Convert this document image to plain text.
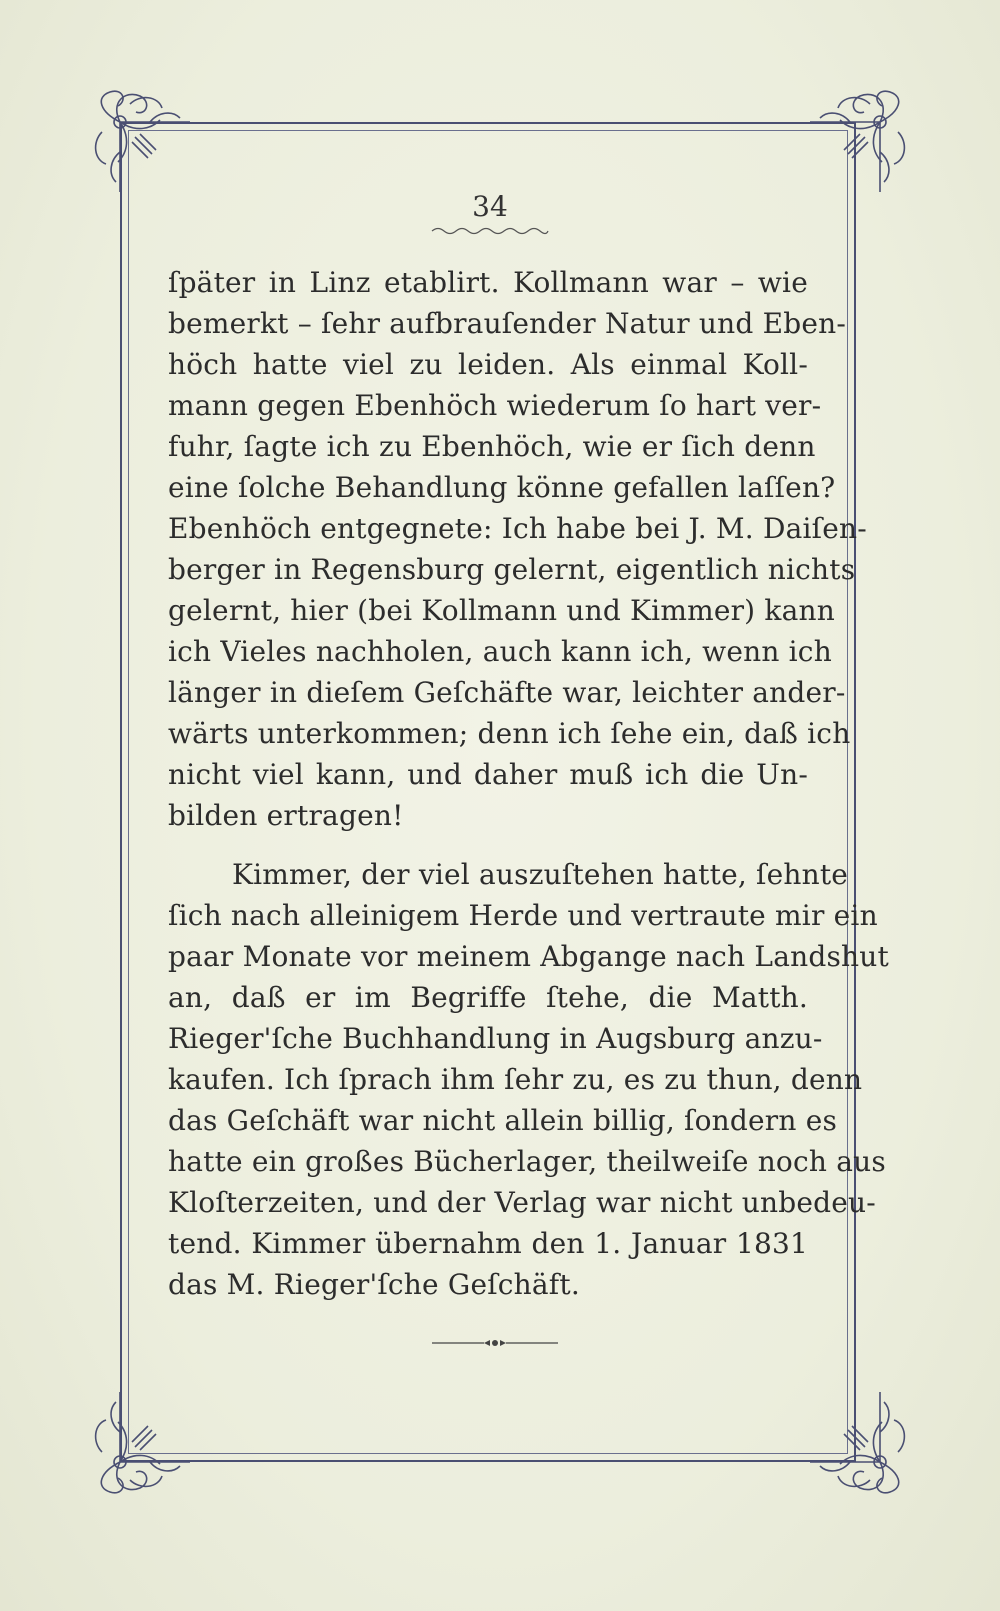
34
ſpäter in Linz etablirt. Kollmann war – wie
bemerkt – ſehr aufbrauſender Natur und Eben-
höch hatte viel zu leiden. Als einmal Koll-
mann gegen Ebenhöch wiederum ſo hart ver-
fuhr, ſagte ich zu Ebenhöch, wie er ſich denn
eine ſolche Behandlung könne gefallen laſſen?
Ebenhöch entgegnete: Ich habe bei J. M. Daiſen-
berger in Regensburg gelernt, eigentlich nichts
gelernt, hier (bei Kollmann und Kimmer) kann
ich Vieles nachholen, auch kann ich, wenn ich
länger in dieſem Geſchäfte war, leichter ander-
wärts unterkommen; denn ich ſehe ein, daß ich
nicht viel kann, und daher muß ich die Un-
bilden ertragen!
Kimmer, der viel auszuſtehen hatte, ſehnte
ſich nach alleinigem Herde und vertraute mir ein
paar Monate vor meinem Abgange nach Landshut
an, daß er im Begriffe ſtehe, die Matth.
Rieger'ſche Buchhandlung in Augsburg anzu-
kaufen. Ich ſprach ihm ſehr zu, es zu thun, denn
das Geſchäft war nicht allein billig, ſondern es
hatte ein großes Bücherlager, theilweiſe noch aus
Kloſterzeiten, und der Verlag war nicht unbedeu-
tend. Kimmer übernahm den 1. Januar 1831
das M. Rieger'ſche Geſchäft.
